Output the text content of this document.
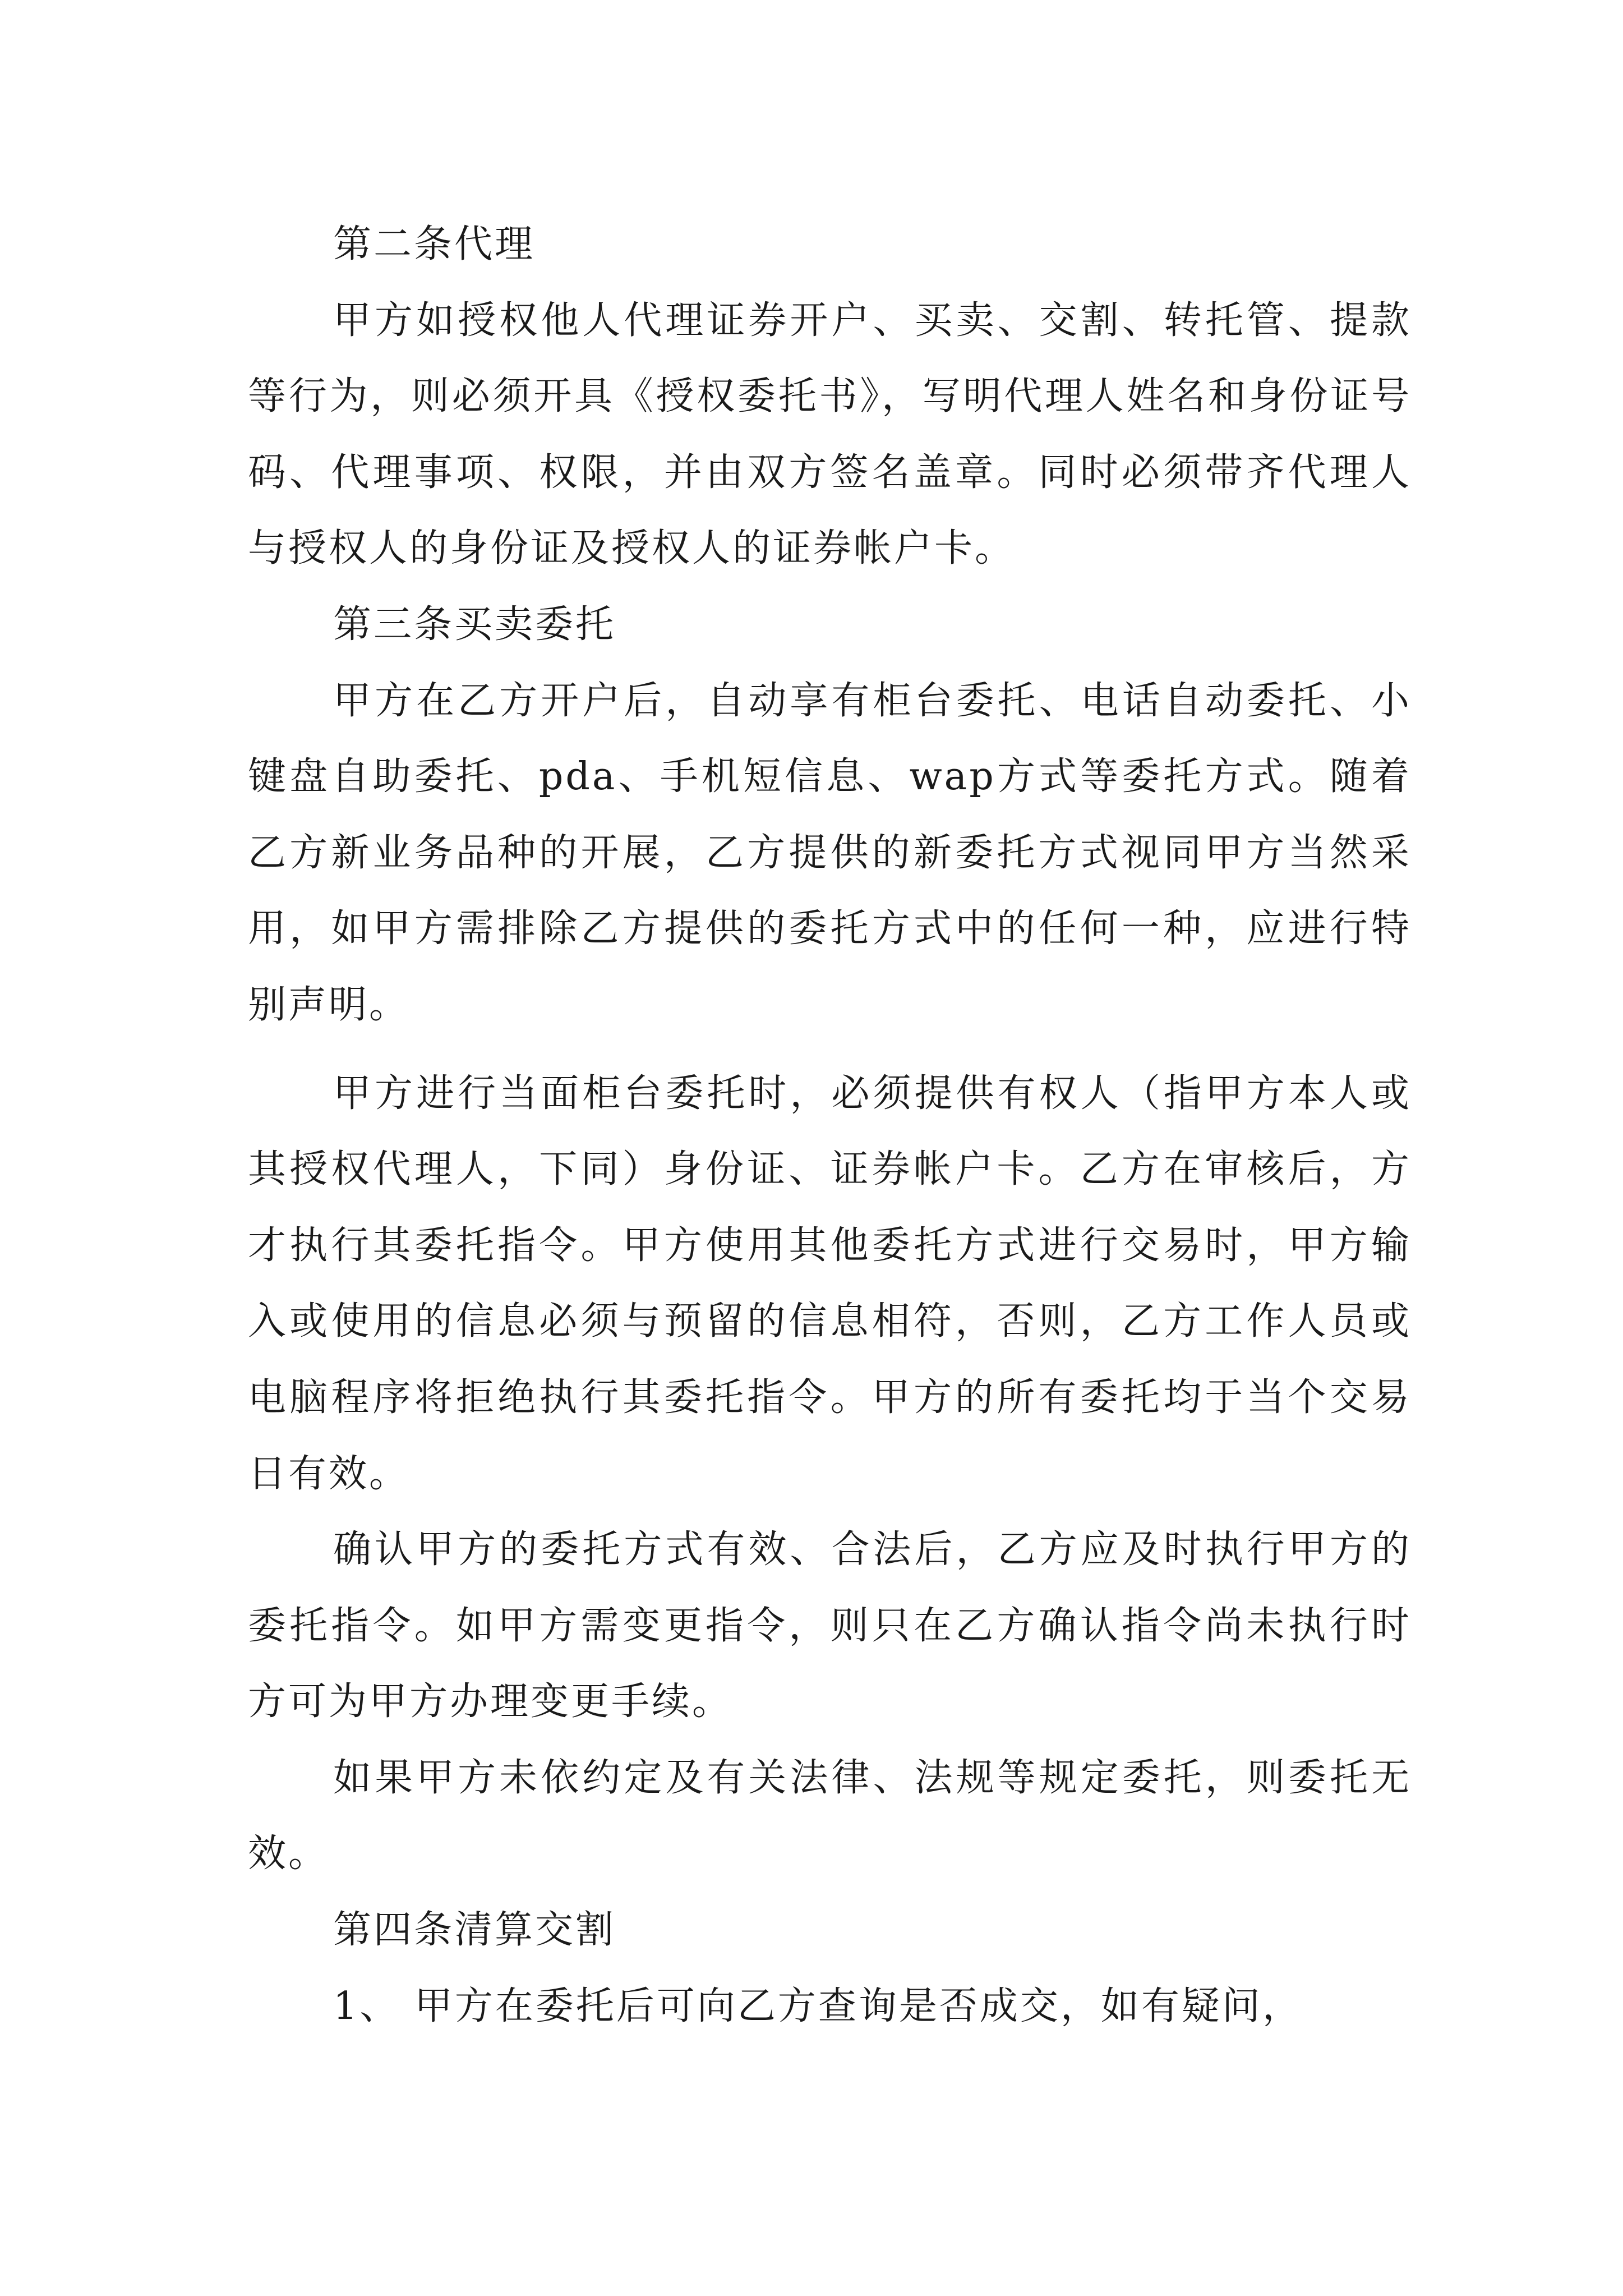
第二条代理

甲方如授权他人代理证券开户、买卖、交割、转托管、提款等行为，则必须开具《授权委托书》，写明代理人姓名和身份证号码、代理事项、权限，并由双方签名盖章。同时必须带齐代理人与授权人的身份证及授权人的证券帐户卡。

第三条买卖委托

甲方在乙方开户后，自动享有柜台委托、电话自动委托、小键盘自助委托、pda、手机短信息、wap方式等委托方式。随着乙方新业务品种的开展，乙方提供的新委托方式视同甲方当然采用，如甲方需排除乙方提供的委托方式中的任何一种，应进行特别声明。

甲方进行当面柜台委托时，必须提供有权人（指甲方本人或其授权代理人，下同）身份证、证券帐户卡。乙方在审核后，方才执行其委托指令。甲方使用其他委托方式进行交易时，甲方输入或使用的信息必须与预留的信息相符，否则，乙方工作人员或电脑程序将拒绝执行其委托指令。甲方的所有委托均于当个交易日有效。

确认甲方的委托方式有效、合法后，乙方应及时执行甲方的委托指令。如甲方需变更指令，则只在乙方确认指令尚未执行时方可为甲方办理变更手续。

如果甲方未依约定及有关法律、法规等规定委托，则委托无效。

第四条清算交割

1、 甲方在委托后可向乙方查询是否成交，如有疑问，
